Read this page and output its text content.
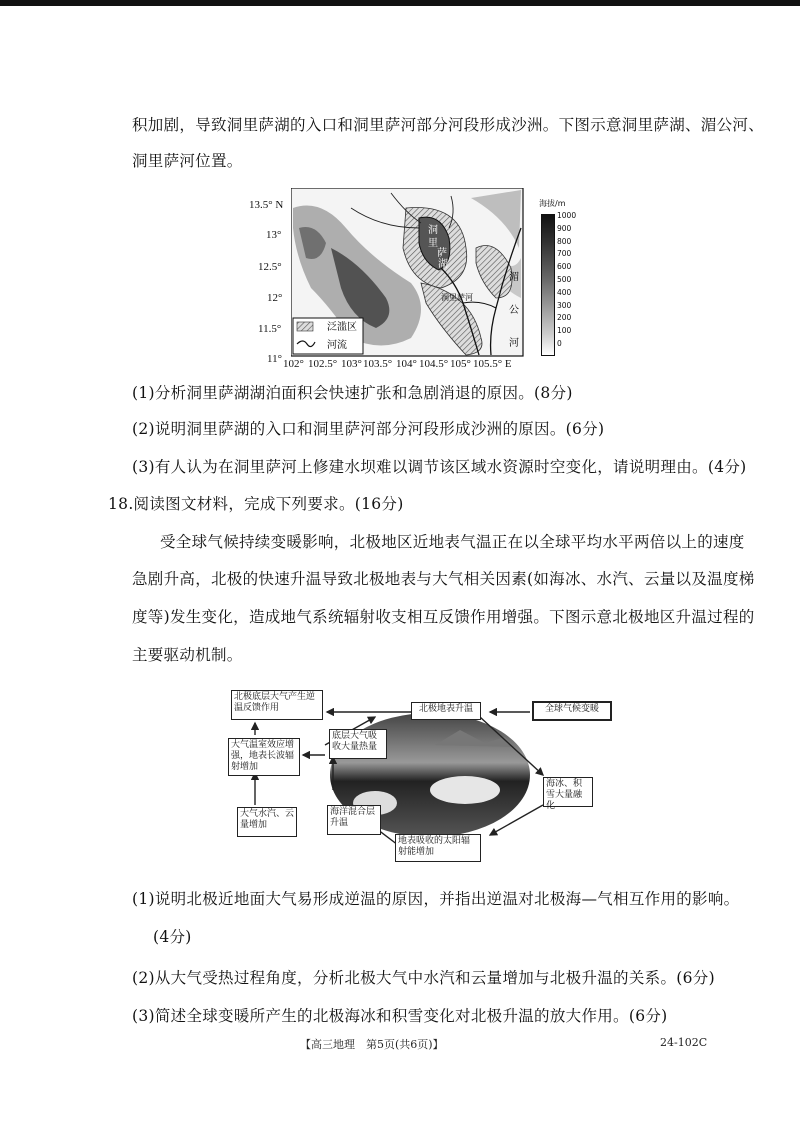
积加剧，导致洞里萨湖的入口和洞里萨河部分河段形成沙洲。下图示意洞里萨湖、湄公河、
洞里萨河位置。
13.5° N
13°
12.5°
12°
11.5°
11°
泛滥区
河流
洞
里
萨
湖
洞里萨河
湄
公
河
102° 102.5° 103° 103.5° 104° 104.5° 105° 105.5° E
海拔/m
1000
900
800
700
600
500
400
300
200
100
0
(1)分析洞里萨湖湖泊面积会快速扩张和急剧消退的原因。(8分)
(2)说明洞里萨湖的入口和洞里萨河部分河段形成沙洲的原因。(6分)
(3)有人认为在洞里萨河上修建水坝难以调节该区域水资源时空变化，请说明理由。(4分)
18.阅读图文材料，完成下列要求。(16分)
受全球气候持续变暖影响，北极地区近地表气温正在以全球平均水平两倍以上的速度
急剧升高，北极的快速升温导致北极地表与大气相关因素(如海冰、水汽、云量以及温度梯
度等)发生变化，造成地气系统辐射收支相互反馈作用增强。下图示意北极地区升温过程的
主要驱动机制。
北极底层大气产生逆温反馈作用	北极地表升温	全球气候变暖
大气温室效应增强，地表长波辐射增加
底层大气吸收大量热量
海冰、积雪大量融化
大气水汽、云量增加
海洋混合层升温
地表吸收的太阳辐射能增加
(1)说明北极近地面大气易形成逆温的原因，并指出逆温对北极海—气相互作用的影响。
(4分)
(2)从大气受热过程角度，分析北极大气中水汽和云量增加与北极升温的关系。(6分)
(3)简述全球变暖所产生的北极海冰和积雪变化对北极升温的放大作用。(6分)
【高三地理　第5页(共6页)】	24-102C
